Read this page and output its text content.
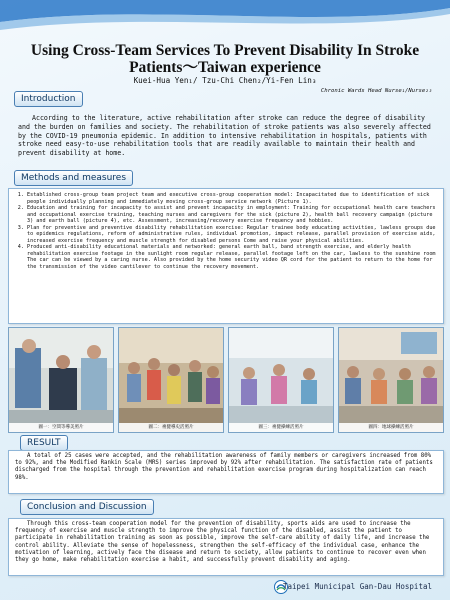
Using Cross-Team Services To Prevent Disability In Stroke
Patients～Taiwan experience
Kuei-Hua Yen₁/ Tzu-Chi Chen₂/Yi-Fen Lin₃
Chronic Wards Head Nurse₁/Nurse₂₃
Introduction
According to the literature, active rehabilitation after stroke can reduce the degree of disability and the burden on families and society. The rehabilitation of stroke patients was also severely affected by the COVID-19 pneumonia epidemic. In addition to intensive rehabilitation in hospitals, patients with stroke need easy-to-use rehabilitation tools that are readily available to maintain their health and prevent disability at home.
Methods and measures
1. Established cross-group team project team and executive cross-group cooperation model: Incapacitated due to identification of sick people individually planning and immediately moving cross-group service network (Picture 1).
2. Education and training for incapacity to assist and prevent incapacity in employment: Training for occupational health care teachers and occupational exercise training, teaching nurses and caregivers for the sick (picture 2), health ball recovery campaign (picture 3) and earth ball (picture 4), etc. Assessment, increasing/recovery exercise frequency and hobbies.
3. Plan for preventive and preventive disability rehabilitation exercise: Regular trainee body educating activities, lawless groups due to epidemics regulations, reform of administrative rules, individual promotion, impact release, parallel provision of exercise aids, increased exercise frequency and muscle strength for disabled persons Come and raise your physical abilities.
4. Produced anti-disability educational materials and networked: general earth ball, band strength exercise, and elderly health rehabilitation exercise footage in the sunlight room regular release, parallel footage left on the car, lawless to the sunshine room The car can be viewed by a caring nurse. Also provided by the home security video QR cord for the patient to return to the home for the transmission of the video cantilever to continue the recovery movement.
圖一：空間等導美照片	圖二：複健導史活照片	圖三：複健操練活照片	圖四：地球操練活照片
RESULT
A total of 25 cases were accepted, and the rehabilitation awareness of family members or caregivers increased from 80% to 92%, and the Modified Rankin Scale (MRS) series improved by 92% after rehabilitation. The satisfaction rate of patients discharged from the hospital through the prevention and rehabilitation exercise program during hospitalization can reach 98%.
Conclusion and Discussion
Through this cross-team cooperation model for the prevention of disability, sports aids are used to increase the frequency of exercise and muscle strength to improve the physical function of the disabled, assist the patient to participate in rehabilitation training as soon as possible, improve the self-care ability of daily life, and increase the control ability. Alleviate the sense of hopelessness, strengthen the self-efficacy of the individual case, enhance the motivation of learning, actively face the disease and return to society, allow patients to continue to recover even when they go home, make rehabilitation exercise a habit, and successfully prevent disability and aging.
Taipei Municipal Gan-Dau Hospital
